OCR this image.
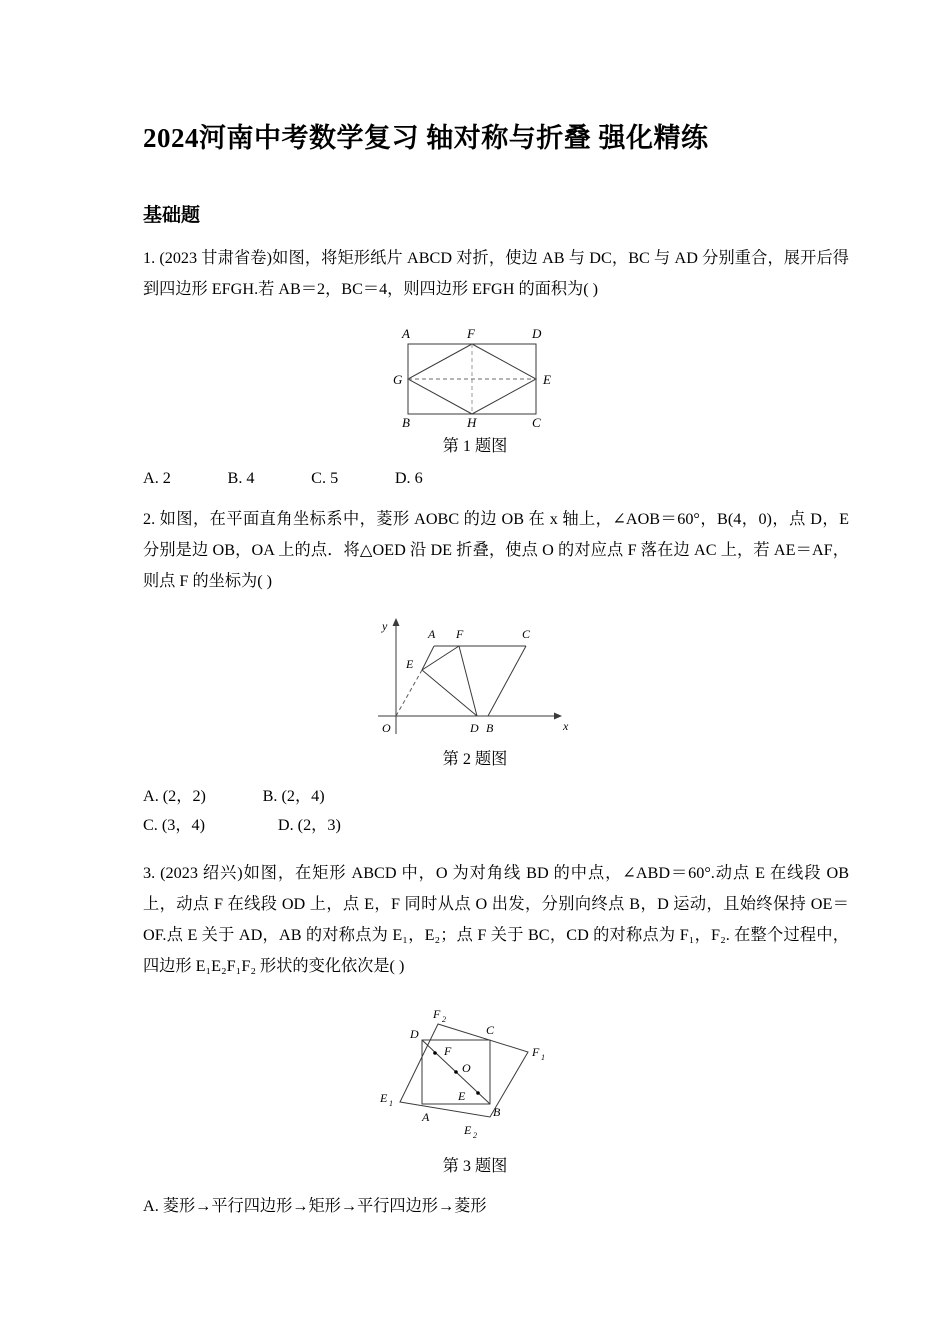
2024河南中考数学复习 轴对称与折叠 强化精练
基础题
1. (2023 甘肃省卷)如图，将矩形纸片 ABCD 对折，使边 AB 与 DC，BC 与 AD 分别重合，展开后得到四边形 EFGH.若 AB＝2，BC＝4，则四边形 EFGH 的面积为( )
A	F	D
G	E
B	H	C
第 1 题图
A. 2              B. 4              C. 5              D. 6
2. 如图，在平面直角坐标系中，菱形 AOBC 的边 OB 在 x 轴上，∠AOB＝60°，B(4，0)，点 D，E 分别是边 OB，OA 上的点．将△OED 沿 DE 折叠，使点 O 的对应点 F 落在边 AC 上，若 AE＝AF，则点 F 的坐标为( )
y
x
O
A F	C
E
D B
第 2 题图
A. (2，2)              B. (2，4)
C. (3，4)                  D. (2，3)
3. (2023 绍兴)如图，在矩形 ABCD 中，O 为对角线 BD 的中点，∠ABD＝60°.动点 E 在线段 OB 上，动点 F 在线段 OD 上，点 E，F 同时从点 O 出发，分别向终点 B，D 运动，且始终保持 OE＝OF.点 E 关于 AD，AB 的对称点为 E₁，E₂；点 F 关于 BC，CD 的对称点为 F₁，F₂. 在整个过程中，四边形 E₁E₂F₁F₂ 形状的变化依次是( )
F 2
D	C
F 1
F
O
E
E 1
A	B
E 2
第 3 题图
A. 菱形→平行四边形→矩形→平行四边形→菱形
